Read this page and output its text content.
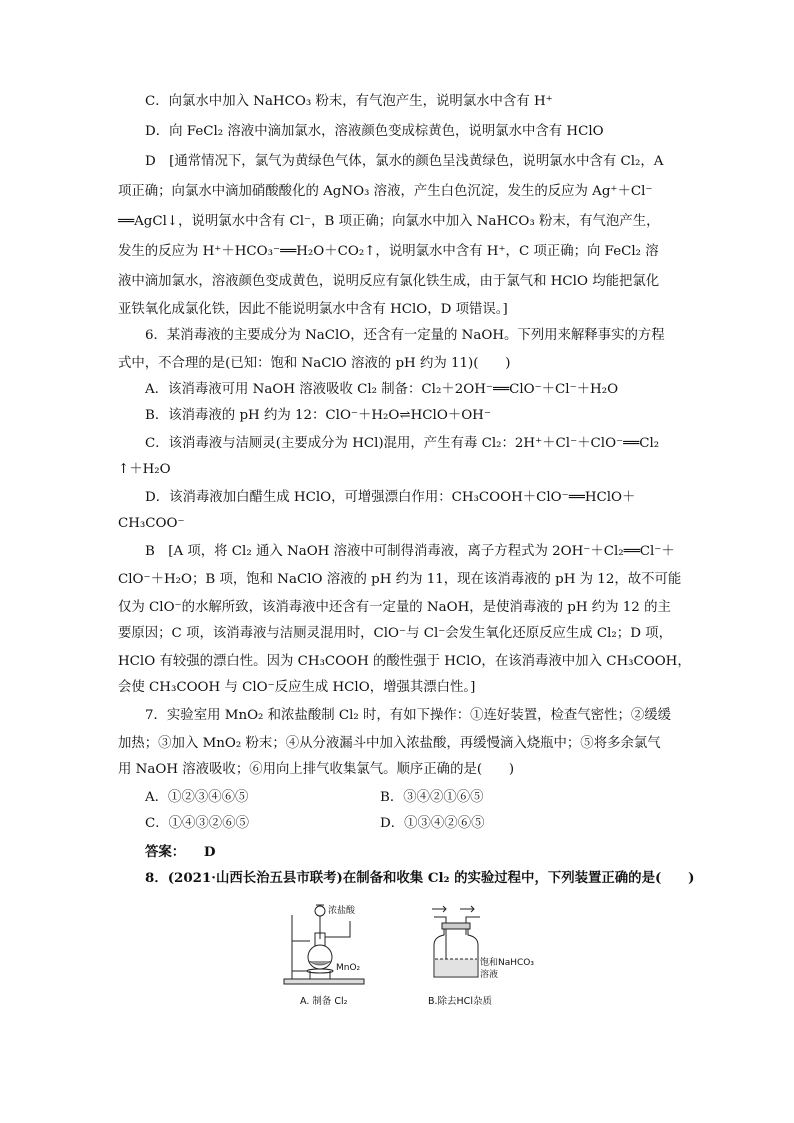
C．向氯水中加入 NaHCO₃ 粉末，有气泡产生，说明氯水中含有 H⁺
D．向 FeCl₂ 溶液中滴加氯水，溶液颜色变成棕黄色，说明氯水中含有 HClO
D　[通常情况下，氯气为黄绿色气体，氯水的颜色呈浅黄绿色，说明氯水中含有 Cl₂，A
项正确；向氯水中滴加硝酸酸化的 AgNO₃ 溶液，产生白色沉淀，发生的反应为 Ag⁺＋Cl⁻
══AgCl↓，说明氯水中含有 Cl⁻，B 项正确；向氯水中加入 NaHCO₃ 粉末，有气泡产生，
发生的反应为 H⁺＋HCO₃⁻══H₂O＋CO₂↑，说明氯水中含有 H⁺，C 项正确；向 FeCl₂ 溶
液中滴加氯水，溶液颜色变成黄色，说明反应有氯化铁生成，由于氯气和 HClO 均能把氯化
亚铁氧化成氯化铁，因此不能说明氯水中含有 HClO，D 项错误。]
6．某消毒液的主要成分为 NaClO，还含有一定量的 NaOH。下列用来解释事实的方程
式中，不合理的是(已知：饱和 NaClO 溶液的 pH 约为 11)(　　)
A．该消毒液可用 NaOH 溶液吸收 Cl₂ 制备：Cl₂＋2OH⁻══ClO⁻＋Cl⁻＋H₂O
B．该消毒液的 pH 约为 12：ClO⁻＋H₂O⇌HClO＋OH⁻
C．该消毒液与洁厕灵(主要成分为 HCl)混用，产生有毒 Cl₂：2H⁺＋Cl⁻＋ClO⁻══Cl₂
↑＋H₂O
D．该消毒液加白醋生成 HClO，可增强漂白作用：CH₃COOH＋ClO⁻══HClO＋
CH₃COO⁻
B　[A 项，将 Cl₂ 通入 NaOH 溶液中可制得消毒液，离子方程式为 2OH⁻＋Cl₂══Cl⁻＋
ClO⁻＋H₂O；B 项，饱和 NaClO 溶液的 pH 约为 11，现在该消毒液的 pH 为 12，故不可能
仅为 ClO⁻的水解所致，该消毒液中还含有一定量的 NaOH，是使消毒液的 pH 约为 12 的主
要原因；C 项，该消毒液与洁厕灵混用时，ClO⁻与 Cl⁻会发生氧化还原反应生成 Cl₂；D 项，
HClO 有较强的漂白性。因为 CH₃COOH 的酸性强于 HClO，在该消毒液中加入 CH₃COOH，
会使 CH₃COOH 与 ClO⁻反应生成 HClO，增强其漂白性。]
7．实验室用 MnO₂ 和浓盐酸制 Cl₂ 时，有如下操作：①连好装置，检查气密性；②缓缓
加热；③加入 MnO₂ 粉末；④从分液漏斗中加入浓盐酸，再缓慢滴入烧瓶中；⑤将多余氯气
用 NaOH 溶液吸收；⑥用向上排气收集氯气。顺序正确的是(　　)
A．①②③④⑥⑤	B．③④②①⑥⑤
C．①④③②⑥⑤	D．①③④②⑥⑤
答案： D
8．(2021·山西长治五县市联考)在制备和收集 Cl₂ 的实验过程中，下列装置正确的是(　　)
浓盐酸
MnO₂
A. 制备 Cl₂
饱和NaHCO₃
溶液
B.除去HCl杂质
